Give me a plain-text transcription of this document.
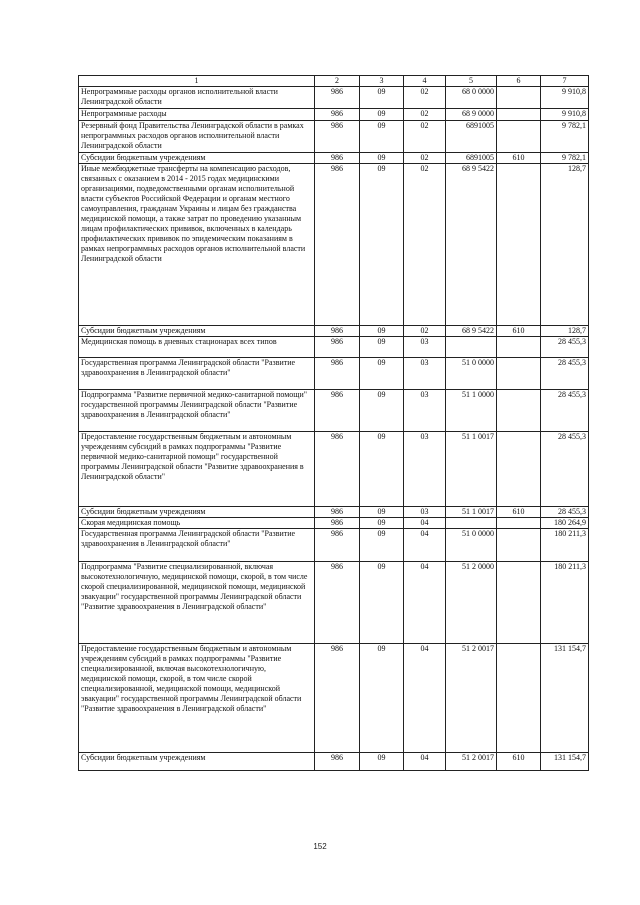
1	2	3	4	5	6	7
Непрограммные расходы органов исполнительной власти Ленинградской области	986	09	02	68 0 0000		9 910,8
Непрограммные расходы	986	09	02	68 9 0000		9 910,8
Резервный фонд Правительства Ленинградской области в рамках непрограммных расходов органов исполнительной власти Ленинградской области	986	09	02	6891005		9 782,1
Субсидии бюджетным учреждениям	986	09	02	6891005	610	9 782,1
Иные межбюджетные трансферты на компенсацию расходов, связанных с оказанием в 2014 - 2015 годах медицинскими организациями, подведомственными органам исполнительной власти субъектов Российской Федерации и органам местного самоуправления, гражданам Украины и лицам без гражданства медицинской помощи, а также затрат по проведению указанным лицам профилактических прививок, включенных в календарь профилактических прививок по эпидемическим показаниям в рамках непрограммных расходов органов исполнительной власти Ленинградской области	986	09	02	68 9 5422		128,7
Субсидии бюджетным учреждениям	986	09	02	68 9 5422	610	128,7
Медицинская помощь в дневных стационарах всех типов	986	09	03			28 455,3
Государственная программа Ленинградской области "Развитие здравоохранения в Ленинградской области"	986	09	03	51 0 0000		28 455,3
Подпрограмма "Развитие первичной медико-санитарной помощи" государственной программы Ленинградской области "Развитие здравоохранения в Ленинградской области"	986	09	03	51 1 0000		28 455,3
Предоставление государственным бюджетным и автономным учреждениям субсидий в рамках подпрограммы "Развитие первичной медико-санитарной помощи" государственной программы Ленинградской области "Развитие здравоохранения в Ленинградской области"	986	09	03	51 1 0017		28 455,3
Субсидии бюджетным учреждениям	986	09	03	51 1 0017	610	28 455,3
Скорая медицинская помощь	986	09	04			180 264,9
Государственная программа Ленинградской области "Развитие здравоохранения в Ленинградской области"	986	09	04	51 0 0000		180 211,3
Подпрограмма "Развитие специализированной, включая высокотехнологичную, медицинской помощи, скорой, в том числе скорой специализированной, медицинской помощи, медицинской эвакуации" государственной программы Ленинградской области "Развитие здравоохранения в Ленинградской области"	986	09	04	51 2 0000		180 211,3
Предоставление государственным бюджетным и автономным учреждениям субсидий в рамках подпрограммы "Развитие специализированной, включая высокотехнологичную, медицинской помощи, скорой, в том числе скорой специализированной, медицинской помощи, медицинской эвакуации" государственной программы Ленинградской области "Развитие здравоохранения в Ленинградской области"	986	09	04	51 2 0017		131 154,7
Субсидии бюджетным учреждениям	986	09	04	51 2 0017	610	131 154,7
152
